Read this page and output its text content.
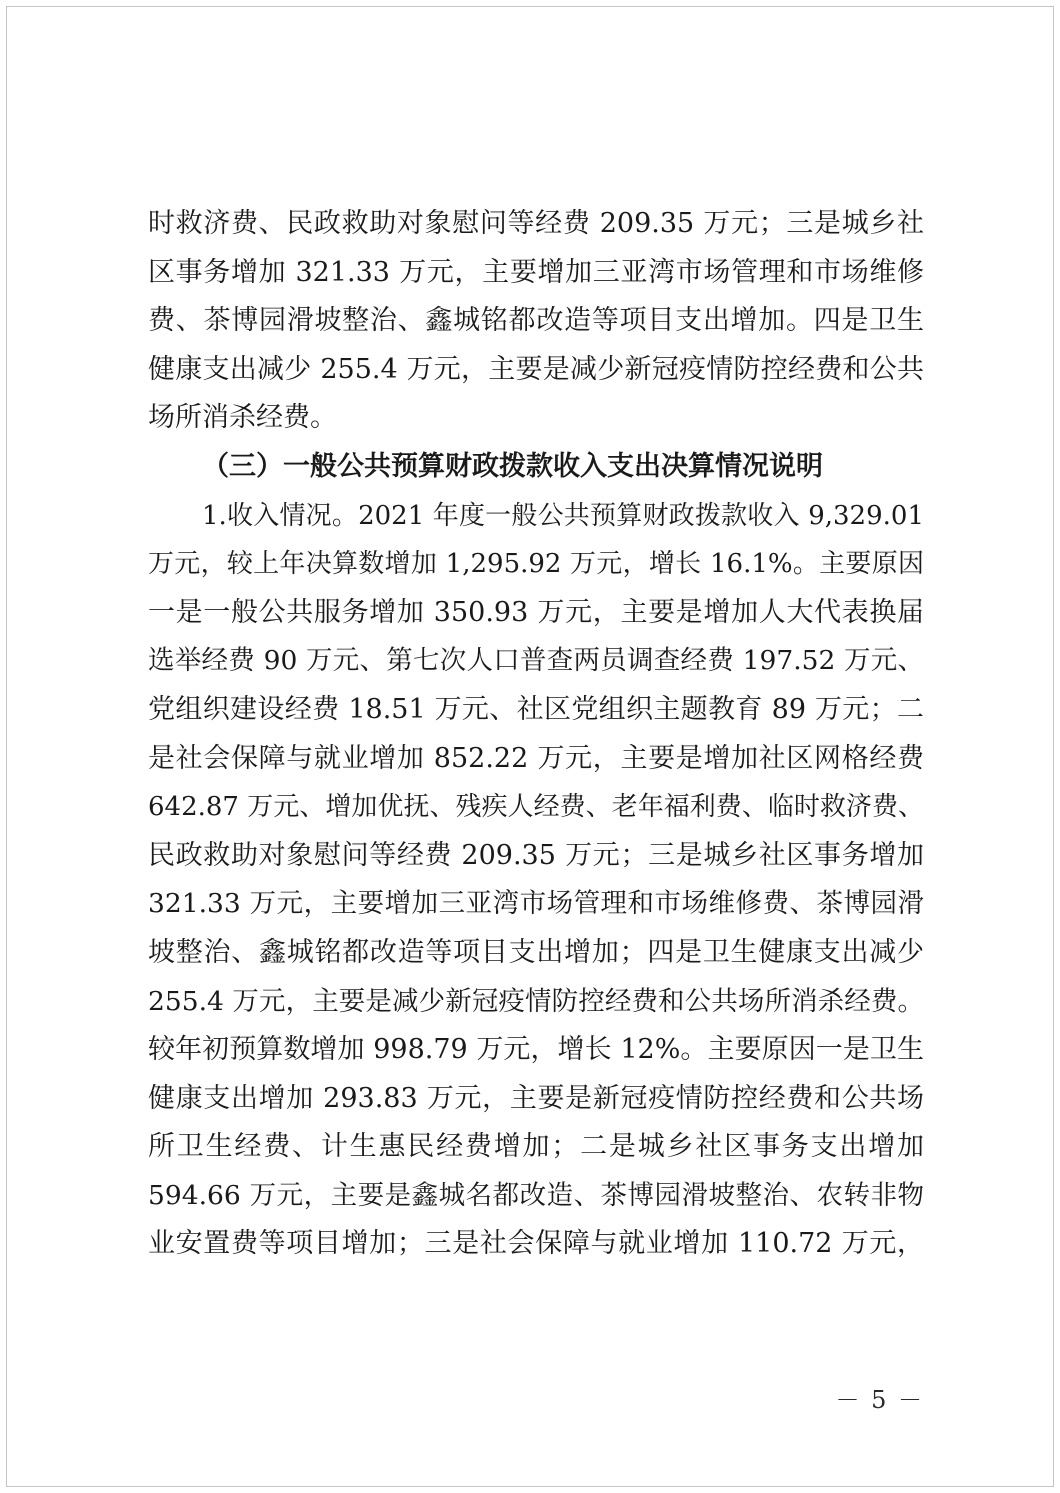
时救济费、民政救助对象慰问等经费 209.35 万元；三是城乡社
区事务增加 321.33 万元，主要增加三亚湾市场管理和市场维修
费、茶博园滑坡整治、鑫城铭都改造等项目支出增加。四是卫生
健康支出减少 255.4 万元，主要是减少新冠疫情防控经费和公共
场所消杀经费。
（三）一般公共预算财政拨款收入支出决算情况说明
1.收入情况。2021 年度一般公共预算财政拨款收入 9,329.01
万元，较上年决算数增加 1,295.92 万元，增长 16.1%。主要原因
一是一般公共服务增加 350.93 万元，主要是增加人大代表换届
选举经费 90 万元、第七次人口普查两员调查经费 197.52 万元、
党组织建设经费 18.51 万元、社区党组织主题教育 89 万元；二
是社会保障与就业增加 852.22 万元，主要是增加社区网格经费
642.87 万元、增加优抚、残疾人经费、老年福利费、临时救济费、
民政救助对象慰问等经费 209.35 万元；三是城乡社区事务增加
321.33 万元，主要增加三亚湾市场管理和市场维修费、茶博园滑
坡整治、鑫城铭都改造等项目支出增加；四是卫生健康支出减少
255.4 万元，主要是减少新冠疫情防控经费和公共场所消杀经费。
较年初预算数增加 998.79 万元，增长 12%。主要原因一是卫生
健康支出增加 293.83 万元，主要是新冠疫情防控经费和公共场
所卫生经费、计生惠民经费增加；二是城乡社区事务支出增加
594.66 万元，主要是鑫城名都改造、茶博园滑坡整治、农转非物
业安置费等项目增加；三是社会保障与就业增加 110.72 万元，
－ 5 －
